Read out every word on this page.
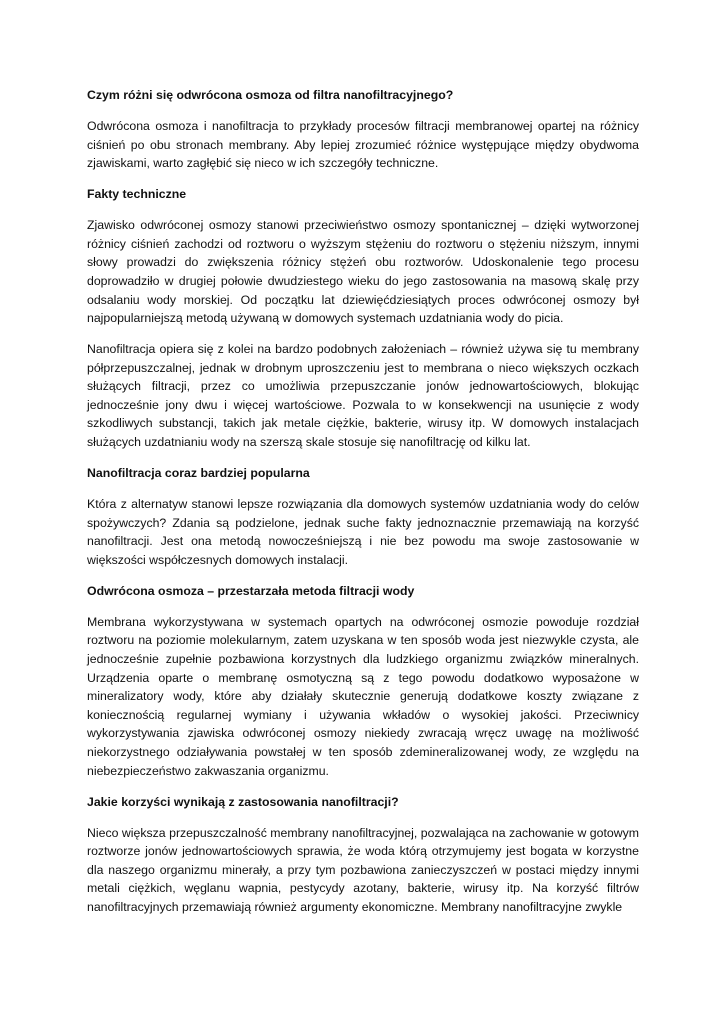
Czym różni się odwrócona osmoza od filtra nanofiltracyjnego?

Odwrócona osmoza i nanofiltracja to przykłady procesów filtracji membranowej opartej na różnicy ciśnień po obu stronach membrany. Aby lepiej zrozumieć różnice występujące między obydwoma zjawiskami, warto zagłębić się nieco w ich szczegóły techniczne.

Fakty techniczne

Zjawisko odwróconej osmozy stanowi przeciwieństwo osmozy spontanicznej – dzięki wytworzonej różnicy ciśnień zachodzi od roztworu o wyższym stężeniu do roztworu o stężeniu niższym, innymi słowy prowadzi do zwiększenia różnicy stężeń obu roztworów. Udoskonalenie tego procesu doprowadziło w drugiej połowie dwudziestego wieku do jego zastosowania na masową skalę przy odsalaniu wody morskiej. Od początku lat dziewięćdziesiątych proces odwróconej osmozy był najpopularniejszą metodą używaną w domowych systemach uzdatniania wody do picia.

Nanofiltracja opiera się z kolei na bardzo podobnych założeniach – również używa się tu membrany półprzepuszczalnej, jednak w drobnym uproszczeniu jest to membrana o nieco większych oczkach służących filtracji, przez co umożliwia przepuszczanie jonów jednowartościowych, blokując jednocześnie jony dwu i więcej wartościowe. Pozwala to w konsekwencji na usunięcie z wody szkodliwych substancji, takich jak metale ciężkie, bakterie, wirusy itp. W domowych instalacjach służących uzdatnianiu wody na szerszą skale stosuje się nanofiltrację od kilku lat.

Nanofiltracja coraz bardziej popularna

Która z alternatyw stanowi lepsze rozwiązania dla domowych systemów uzdatniania wody do celów spożywczych? Zdania są podzielone, jednak suche fakty jednoznacznie przemawiają na korzyść nanofiltracji. Jest ona metodą nowocześniejszą i nie bez powodu ma swoje zastosowanie w większości współczesnych domowych instalacji.

Odwrócona osmoza – przestarzała metoda filtracji wody

Membrana wykorzystywana w systemach opartych na odwróconej osmozie powoduje rozdział roztworu na poziomie molekularnym, zatem uzyskana w ten sposób woda jest niezwykle czysta, ale jednocześnie zupełnie pozbawiona korzystnych dla ludzkiego organizmu związków mineralnych. Urządzenia oparte o membranę osmotyczną są z tego powodu dodatkowo wyposażone w mineralizatory wody, które aby działały skutecznie generują dodatkowe koszty związane z koniecznością regularnej wymiany i używania wkładów o wysokiej jakości. Przeciwnicy wykorzystywania zjawiska odwróconej osmozy niekiedy zwracają wręcz uwagę na możliwość niekorzystnego odziaływania powstałej w ten sposób zdemineralizowanej wody, ze względu na niebezpieczeństwo zakwaszania organizmu.

Jakie korzyści wynikają z zastosowania nanofiltracji?

Nieco większa przepuszczalność membrany nanofiltracyjnej, pozwalająca na zachowanie w gotowym roztworze jonów jednowartościowych sprawia, że woda którą otrzymujemy jest bogata w korzystne dla naszego organizmu minerały, a przy tym pozbawiona zanieczyszczeń w postaci między innymi metali ciężkich, węglanu wapnia, pestycydy azotany, bakterie, wirusy itp. Na korzyść filtrów nanofiltracyjnych przemawiają również argumenty ekonomiczne. Membrany nanofiltracyjne zwykle
